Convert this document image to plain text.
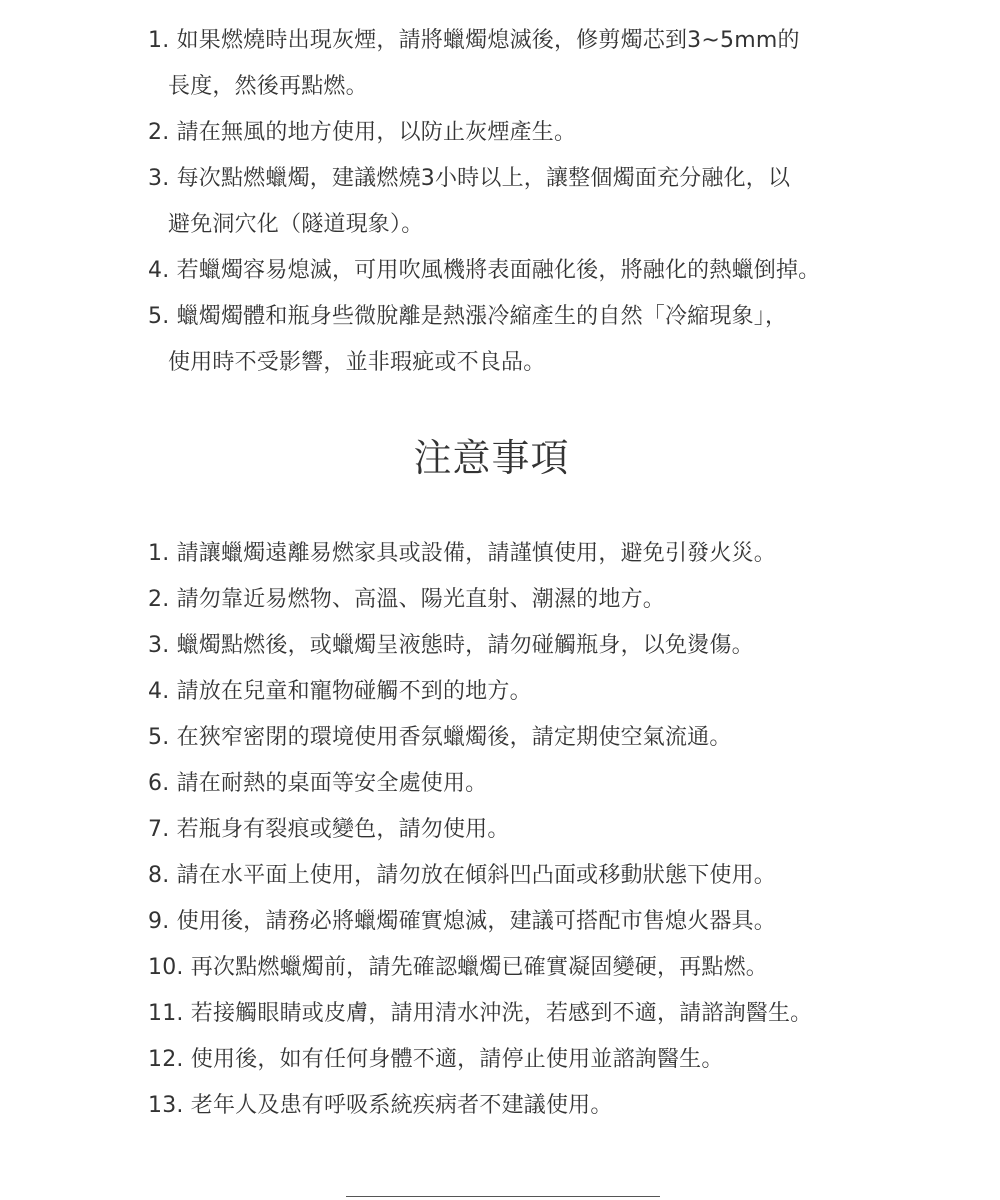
1. 如果燃燒時出現灰煙，請將蠟燭熄滅後，修剪燭芯到3~5mm的
長度，然後再點燃。
2. 請在無風的地方使用，以防止灰煙產生。
3. 每次點燃蠟燭，建議燃燒3小時以上，讓整個燭面充分融化，以
避免洞穴化（隧道現象）。
4. 若蠟燭容易熄滅，可用吹風機將表面融化後，將融化的熱蠟倒掉。
5. 蠟燭燭體和瓶身些微脫離是熱漲冷縮產生的自然「冷縮現象」，
使用時不受影響，並非瑕疵或不良品。
注意事項
1. 請讓蠟燭遠離易燃家具或設備，請謹慎使用，避免引發火災。
2. 請勿靠近易燃物、高溫、陽光直射、潮濕的地方。
3. 蠟燭點燃後，或蠟燭呈液態時，請勿碰觸瓶身，以免燙傷。
4. 請放在兒童和寵物碰觸不到的地方。
5. 在狹窄密閉的環境使用香氛蠟燭後，請定期使空氣流通。
6. 請在耐熱的桌面等安全處使用。
7. 若瓶身有裂痕或變色，請勿使用。
8. 請在水平面上使用，請勿放在傾斜凹凸面或移動狀態下使用。
9. 使用後，請務必將蠟燭確實熄滅，建議可搭配市售熄火器具。
10. 再次點燃蠟燭前，請先確認蠟燭已確實凝固變硬，再點燃。
11. 若接觸眼睛或皮膚，請用清水沖洗，若感到不適，請諮詢醫生。
12. 使用後，如有任何身體不適，請停止使用並諮詢醫生。
13. 老年人及患有呼吸系統疾病者不建議使用。
